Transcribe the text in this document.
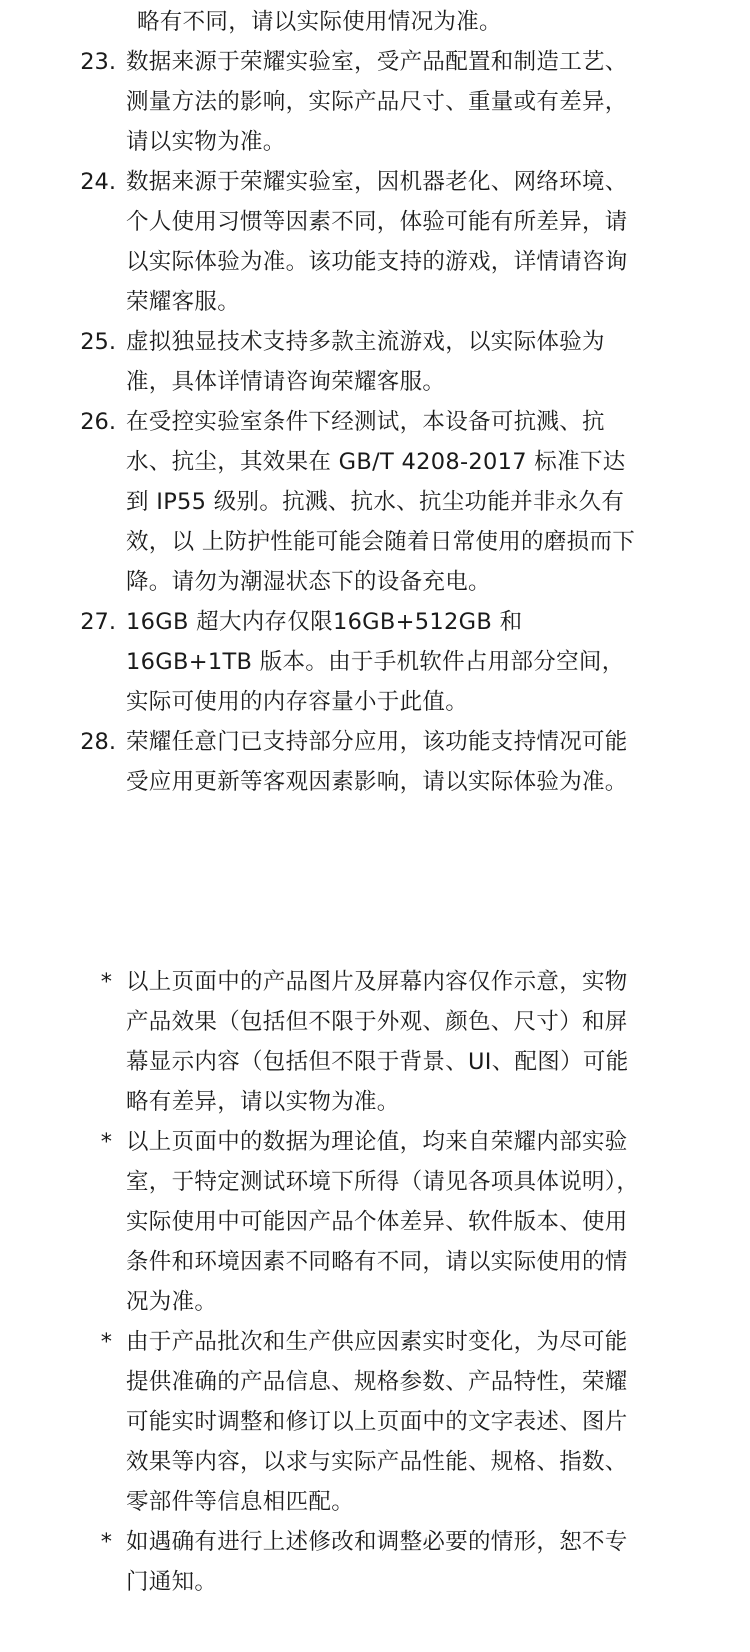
略有不同，请以实际使用情况为准。

23. 数据来源于荣耀实验室，受产品配置和制造工艺、测量方法的影响，实际产品尺寸、重量或有差异，请以实物为准。

24. 数据来源于荣耀实验室，因机器老化、网络环境、个人使用习惯等因素不同，体验可能有所差异，请以实际体验为准。该功能支持的游戏，详情请咨询荣耀客服。

25. 虚拟独显技术支持多款主流游戏，以实际体验为准，具体详情请咨询荣耀客服。

26. 在受控实验室条件下经测试，本设备可抗溅、抗水、抗尘，其效果在 GB/T 4208-2017 标准下达到 IP55 级别。抗溅、抗水、抗尘功能并非永久有效，以 上防护性能可能会随着日常使用的磨损而下降。请勿为潮湿状态下的设备充电。

27. 16GB 超大内存仅限16GB+512GB 和16GB+1TB 版本。由于手机软件占用部分空间，实际可使用的内存容量小于此值。

28. 荣耀任意门已支持部分应用，该功能支持情况可能受应用更新等客观因素影响，请以实际体验为准。

* 以上页面中的产品图片及屏幕内容仅作示意，实物产品效果（包括但不限于外观、颜色、尺寸）和屏幕显示内容（包括但不限于背景、UI、配图）可能略有差异，请以实物为准。

* 以上页面中的数据为理论值，均来自荣耀内部实验室，于特定测试环境下所得（请见各项具体说明），实际使用中可能因产品个体差异、软件版本、使用条件和环境因素不同略有不同，请以实际使用的情况为准。

* 由于产品批次和生产供应因素实时变化，为尽可能提供准确的产品信息、规格参数、产品特性，荣耀可能实时调整和修订以上页面中的文字表述、图片效果等内容，以求与实际产品性能、规格、指数、零部件等信息相匹配。

* 如遇确有进行上述修改和调整必要的情形，恕不专门通知。
